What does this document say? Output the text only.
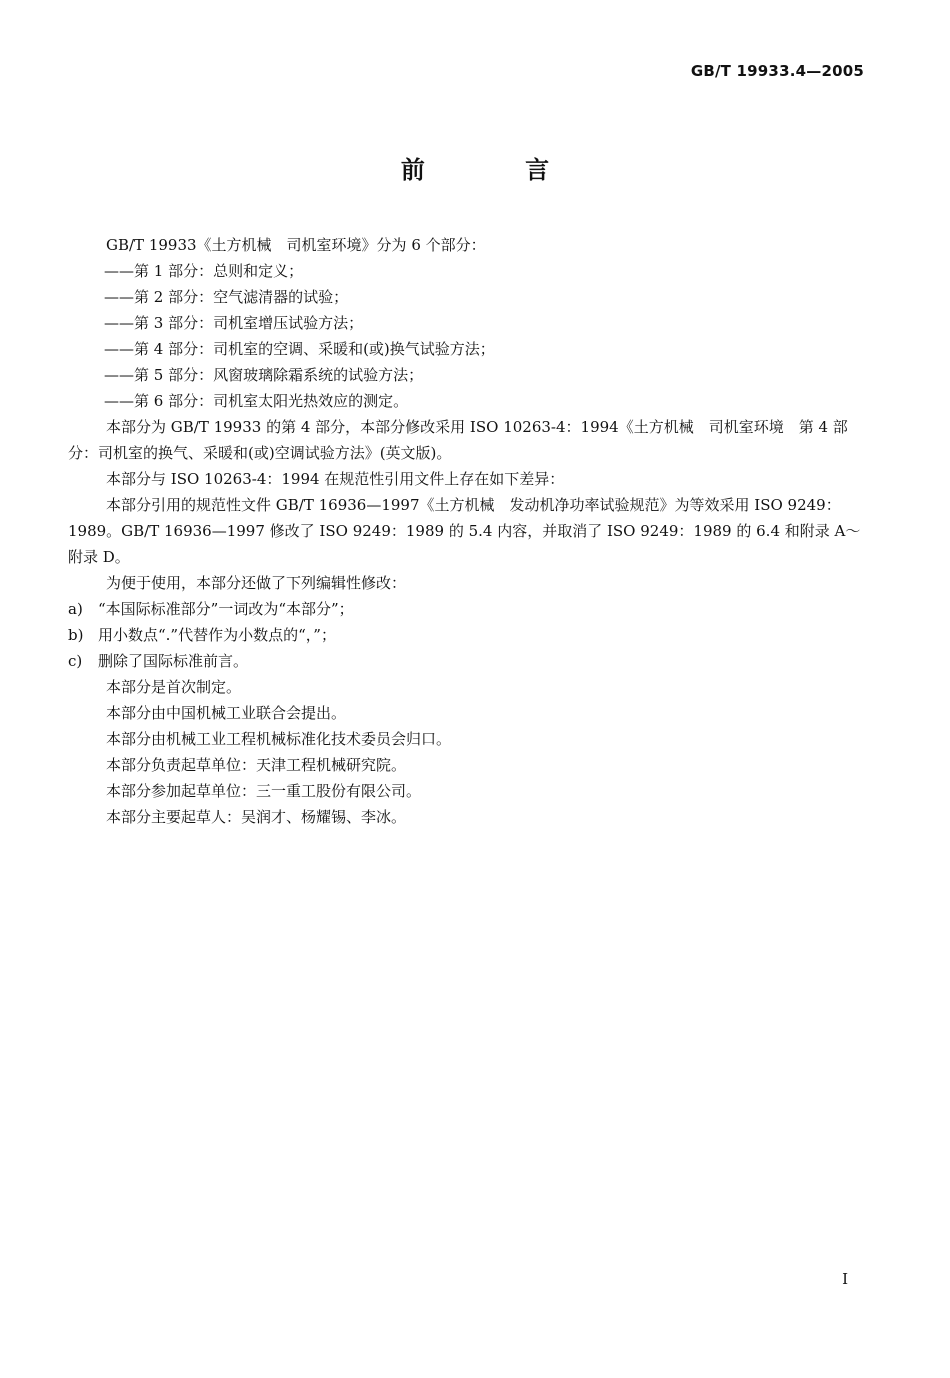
GB/T 19933.4—2005
前 言

GB/T 19933《土方机械　司机室环境》分为 6 个部分：

——第 1 部分：总则和定义；

——第 2 部分：空气滤清器的试验；

——第 3 部分：司机室增压试验方法；

——第 4 部分：司机室的空调、采暖和(或)换气试验方法；

——第 5 部分：风窗玻璃除霜系统的试验方法；

——第 6 部分：司机室太阳光热效应的测定。

本部分为 GB/T 19933 的第 4 部分，本部分修改采用 ISO 10263-4：1994《土方机械　司机室环境　第 4 部分：司机室的换气、采暖和(或)空调试验方法》(英文版)。

本部分与 ISO 10263-4：1994 在规范性引用文件上存在如下差异：

本部分引用的规范性文件 GB/T 16936—1997《土方机械　发动机净功率试验规范》为等效采用 ISO 9249：1989。GB/T 16936—1997 修改了 ISO 9249：1989 的 5.4 内容，并取消了 ISO 9249：1989 的 6.4 和附录 A～附录 D。

为便于使用，本部分还做了下列编辑性修改：

a) “本国际标准部分”一词改为“本部分”；

b) 用小数点“.”代替作为小数点的“，”；

c) 删除了国际标准前言。

本部分是首次制定。

本部分由中国机械工业联合会提出。

本部分由机械工业工程机械标准化技术委员会归口。

本部分负责起草单位：天津工程机械研究院。

本部分参加起草单位：三一重工股份有限公司。

本部分主要起草人：吴润才、杨耀锡、李冰。

I
